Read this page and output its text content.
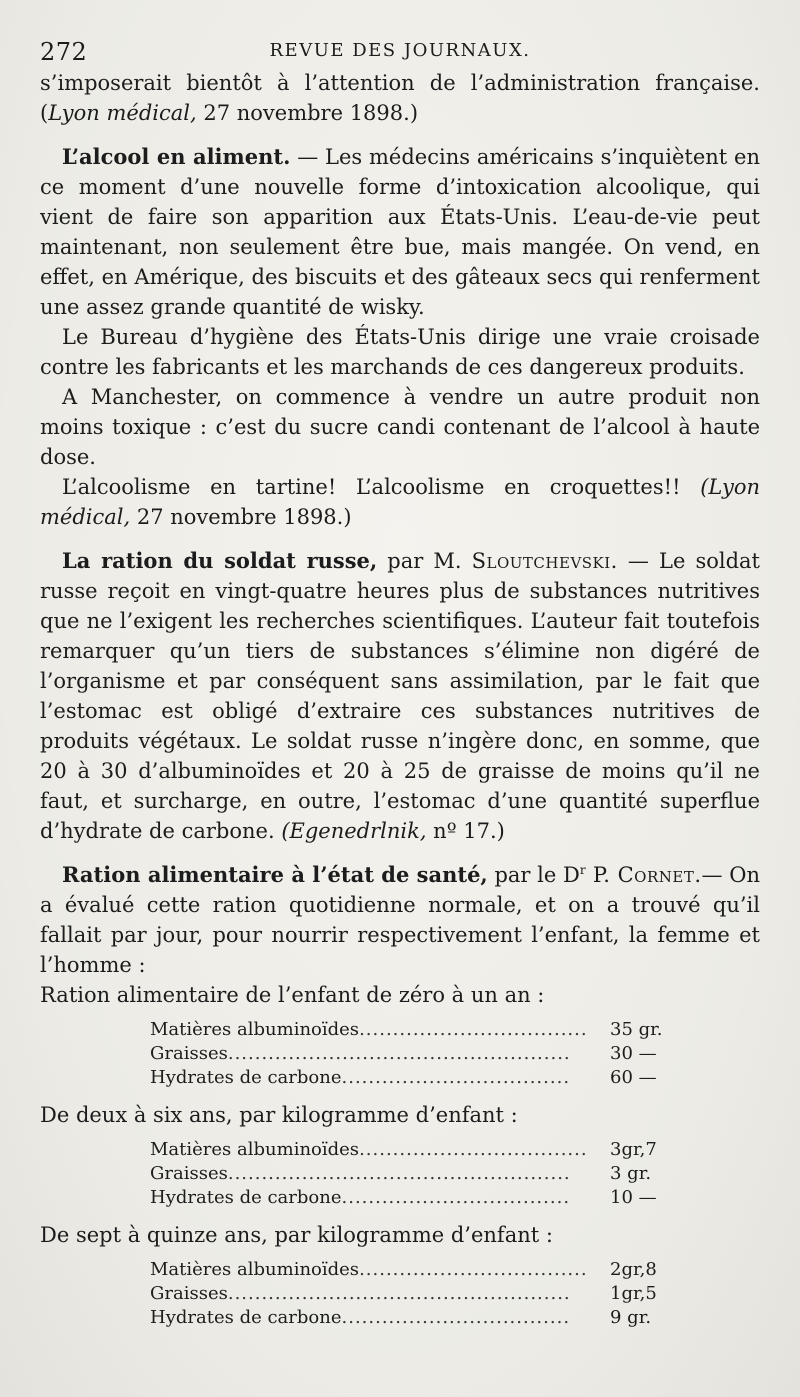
272	REVUE DES JOURNAUX.

s’imposerait bientôt à l’attention de l’administration française. (Lyon médical, 27 novembre 1898.)

L’alcool en aliment. — Les médecins américains s’inquiètent en ce moment d’une nouvelle forme d’intoxication alcoolique, qui vient de faire son apparition aux États-Unis. L’eau-de-vie peut maintenant, non seulement être bue, mais mangée. On vend, en effet, en Amérique, des biscuits et des gâteaux secs qui renferment une assez grande quantité de wisky.

Le Bureau d’hygiène des États-Unis dirige une vraie croisade contre les fabricants et les marchands de ces dangereux produits.

A Manchester, on commence à vendre un autre produit non moins toxique : c’est du sucre candi contenant de l’alcool à haute dose.

L’alcoolisme en tartine! L’alcoolisme en croquettes!! (Lyon médical, 27 novembre 1898.)

La ration du soldat russe, par M. Sloutchevski. — Le soldat russe reçoit en vingt-quatre heures plus de substances nutritives que ne l’exigent les recherches scientifiques. L’auteur fait toutefois remarquer qu’un tiers de substances s’élimine non digéré de l’organisme et par conséquent sans assimilation, par le fait que l’estomac est obligé d’extraire ces substances nutritives de produits végétaux. Le soldat russe n’ingère donc, en somme, que 20 à 30 d’albuminoïdes et 20 à 25 de graisse de moins qu’il ne faut, et surcharge, en outre, l’estomac d’une quantité superflue d’hydrate de carbone. (Egenedrlnik, nº 17.)

Ration alimentaire à l’état de santé, par le $D^r$ P. Cornet.— On a évalué cette ration quotidienne normale, et on a trouvé qu’il fallait par jour, pour nourrir respectivement l’enfant, la femme et l’homme :

Ration alimentaire de l’enfant de zéro à un an :

Matières albuminoïdes..................................	35 gr.
Graisses...................................................	30 —
Hydrates de carbone..................................	60 —

De deux à six ans, par kilogramme d’enfant :

Matières albuminoïdes..................................	3gr,7
Graisses...................................................	3 gr.
Hydrates de carbone..................................	10 —

De sept à quinze ans, par kilogramme d’enfant :

Matières albuminoïdes..................................	2gr,8
Graisses...................................................	1gr,5
Hydrates de carbone..................................	9 gr.
